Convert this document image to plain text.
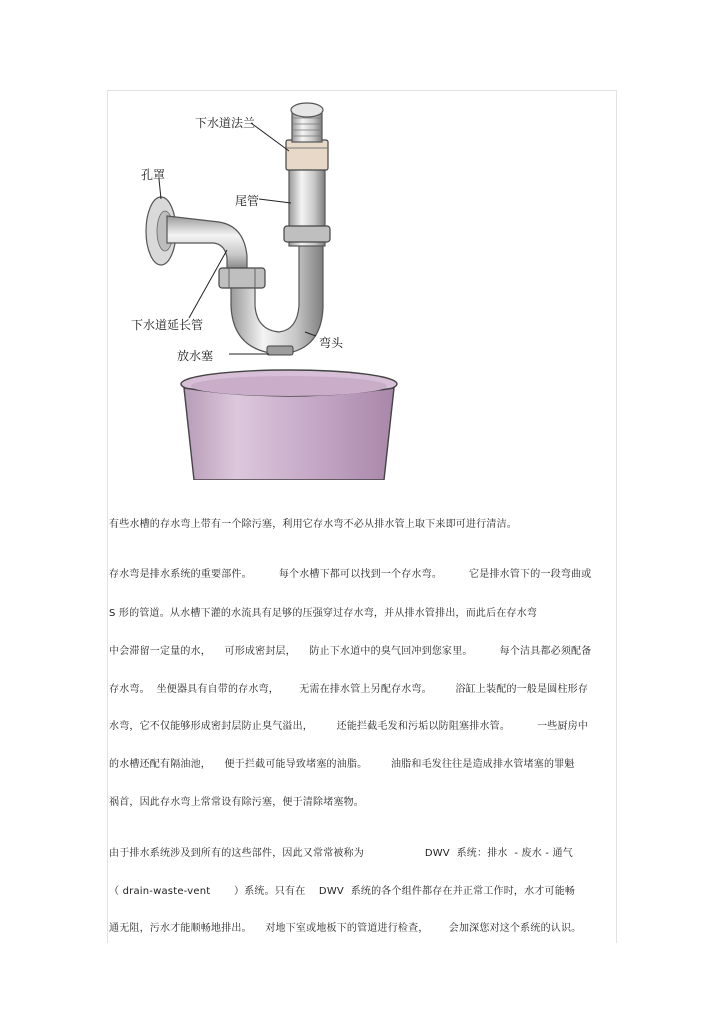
下水道法兰
孔罩
尾管
下水道延长管
弯头
放水塞
有些水槽的存水弯上带有一个除污塞，利用它存水弯不必从排水管上取下来即可进行清洁。
存水弯是排水系统的重要部件。        每个水槽下都可以找到一个存水弯。        它是排水管下的一段弯曲或
S 形的管道。从水槽下灌的水流具有足够的压强穿过存水弯，并从排水管排出，而此后在存水弯
中会滞留一定量的水，    可形成密封层，    防止下水道中的臭气回冲到您家里。        每个洁具都必须配备
存水弯。  坐便器具有自带的存水弯，      无需在排水管上另配存水弯。       浴缸上装配的一般是圆柱形存
水弯，它不仅能够形成密封层防止臭气溢出，       还能拦截毛发和污垢以防阻塞排水管。        一些厨房中
的水槽还配有隔油池，    便于拦截可能导致堵塞的油脂。       油脂和毛发往往是造成排水管堵塞的罪魁
祸首，因此存水弯上常常设有除污塞，便于清除堵塞物。
由于排水系统涉及到所有的这些部件，因此又常常被称为                  DWV  系统：排水  - 废水 - 通气
（ drain-waste-vent       ）系统。只有在    DWV  系统的各个组件都存在并正常工作时，水才可能畅
通无阻，污水才能顺畅地排出。    对地下室或地板下的管道进行检查，      会加深您对这个系统的认识。
